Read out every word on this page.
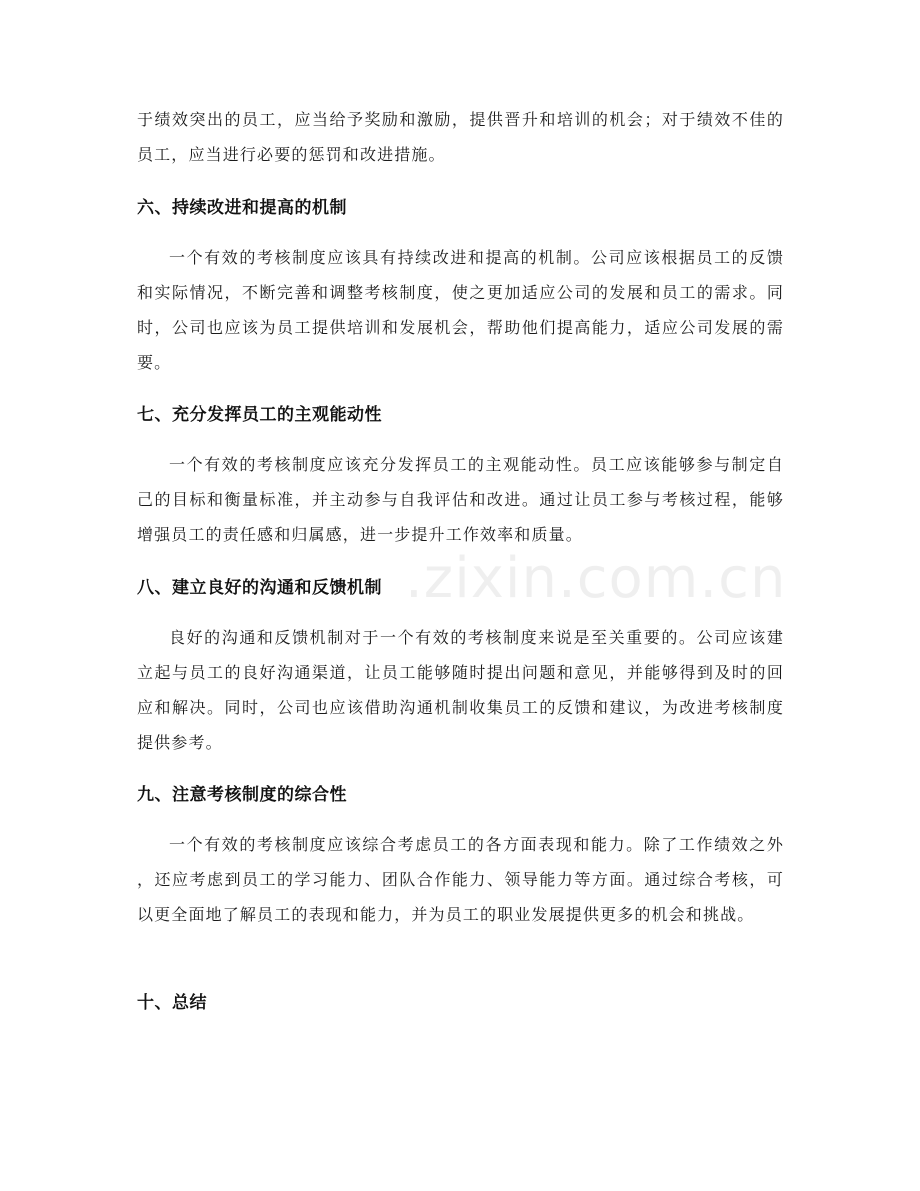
于绩效突出的员工，应当给予奖励和激励，提供晋升和培训的机会；对于绩效不佳的员工，应当进行必要的惩罚和改进措施。

六、持续改进和提高的机制

一个有效的考核制度应该具有持续改进和提高的机制。公司应该根据员工的反馈和实际情况，不断完善和调整考核制度，使之更加适应公司的发展和员工的需求。同时，公司也应该为员工提供培训和发展机会，帮助他们提高能力，适应公司发展的需要。

七、充分发挥员工的主观能动性

一个有效的考核制度应该充分发挥员工的主观能动性。员工应该能够参与制定自己的目标和衡量标准，并主动参与自我评估和改进。通过让员工参与考核过程，能够增强员工的责任感和归属感，进一步提升工作效率和质量。

八、建立良好的沟通和反馈机制

良好的沟通和反馈机制对于一个有效的考核制度来说是至关重要的。公司应该建立起与员工的良好沟通渠道，让员工能够随时提出问题和意见，并能够得到及时的回应和解决。同时，公司也应该借助沟通机制收集员工的反馈和建议，为改进考核制度提供参考。

九、注意考核制度的综合性

一个有效的考核制度应该综合考虑员工的各方面表现和能力。除了工作绩效之外，还应考虑到员工的学习能力、团队合作能力、领导能力等方面。通过综合考核，可以更全面地了解员工的表现和能力，并为员工的职业发展提供更多的机会和挑战。

十、总结
.zixin.com.cn
